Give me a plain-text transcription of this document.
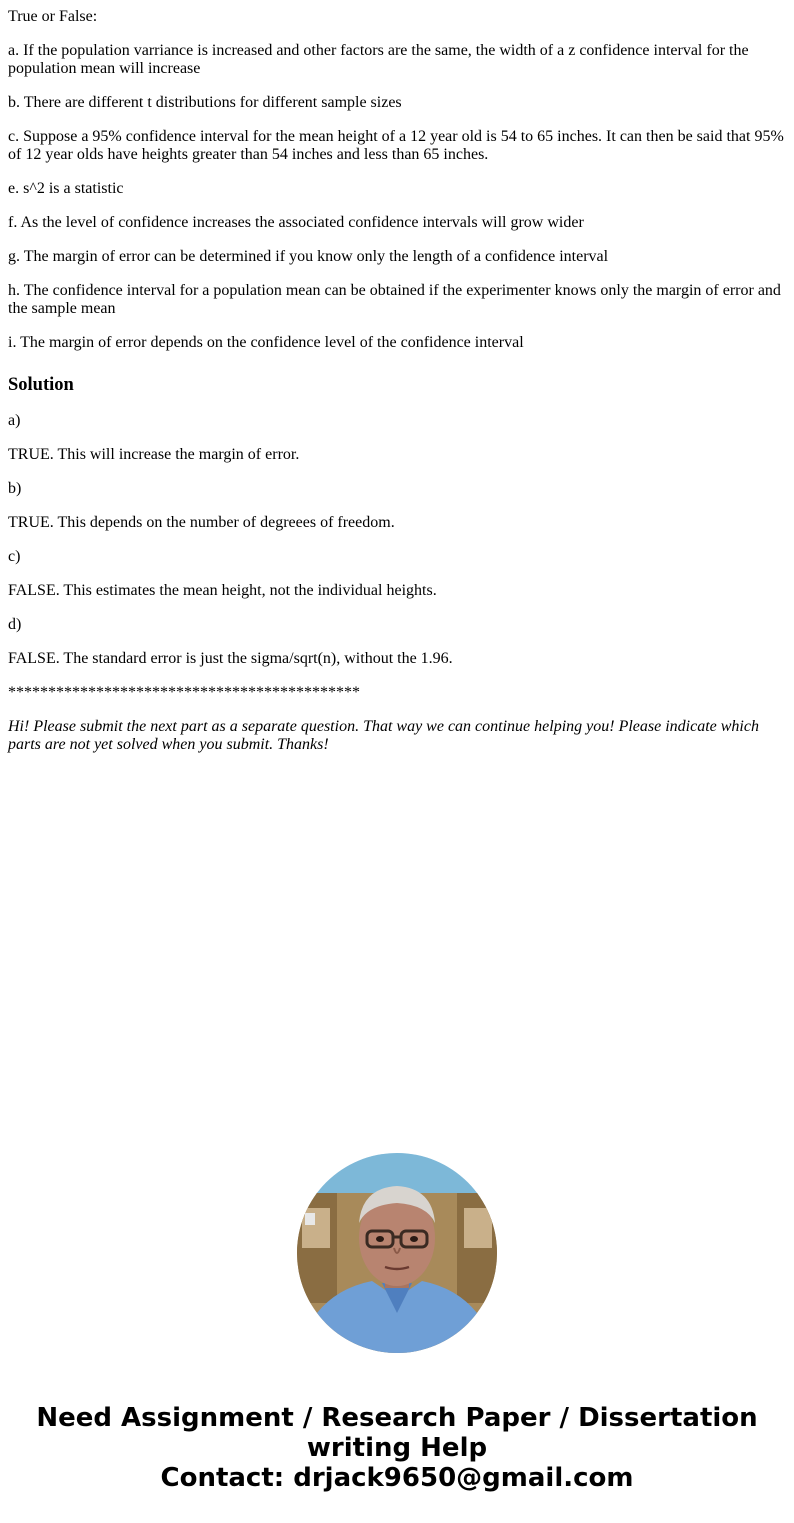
True or False:

a. If the population varriance is increased and other factors are the same, the width of a z confidence interval for the population mean will increase

b. There are different t distributions for different sample sizes

c. Suppose a 95% confidence interval for the mean height of a 12 year old is 54 to 65 inches. It can then be said that 95% of 12 year olds have heights greater than 54 inches and less than 65 inches.

e. s^2 is a statistic

f. As the level of confidence increases the associated confidence intervals will grow wider

g. The margin of error can be determined if you know only the length of a confidence interval

h. The confidence interval for a population mean can be obtained if the experimenter knows only the margin of error and the sample mean

i. The margin of error depends on the confidence level of the confidence interval

Solution

a)

TRUE. This will increase the margin of error.

b)

TRUE. This depends on the number of degreees of freedom.

c)

FALSE. This estimates the mean height, not the individual heights.

d)

FALSE. The standard error is just the sigma/sqrt(n), without the 1.96.

********************************************

Hi! Please submit the next part as a separate question. That way we can continue helping you! Please indicate which parts are not yet solved when you submit. Thanks!

Need Assignment / Research Paper / Dissertation
writing Help
Contact: drjack9650@gmail.com
